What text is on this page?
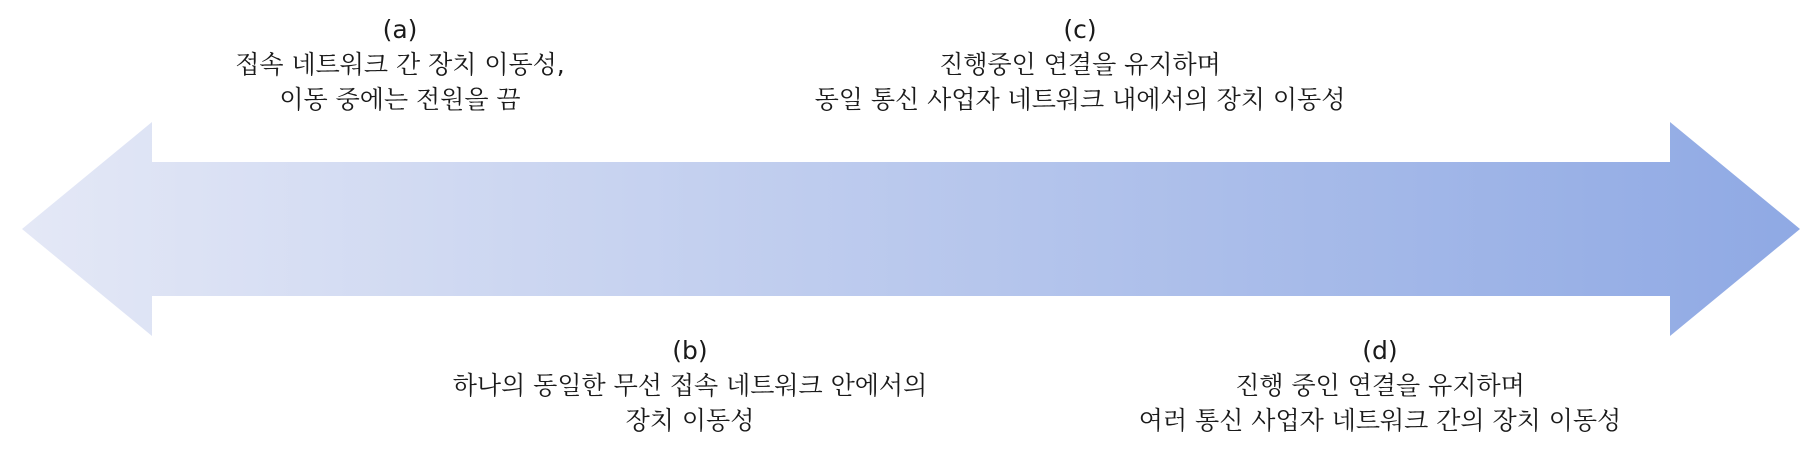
(a)
접속 네트워크 간 장치 이동성,
이동 중에는 전원을 끔
(c)
진행중인 연결을 유지하며
동일 통신 사업자 네트워크 내에서의 장치 이동성
(b)
하나의 동일한 무선 접속 네트워크 안에서의
장치 이동성
(d)
진행 중인 연결을 유지하며
여러 통신 사업자 네트워크 간의 장치 이동성
